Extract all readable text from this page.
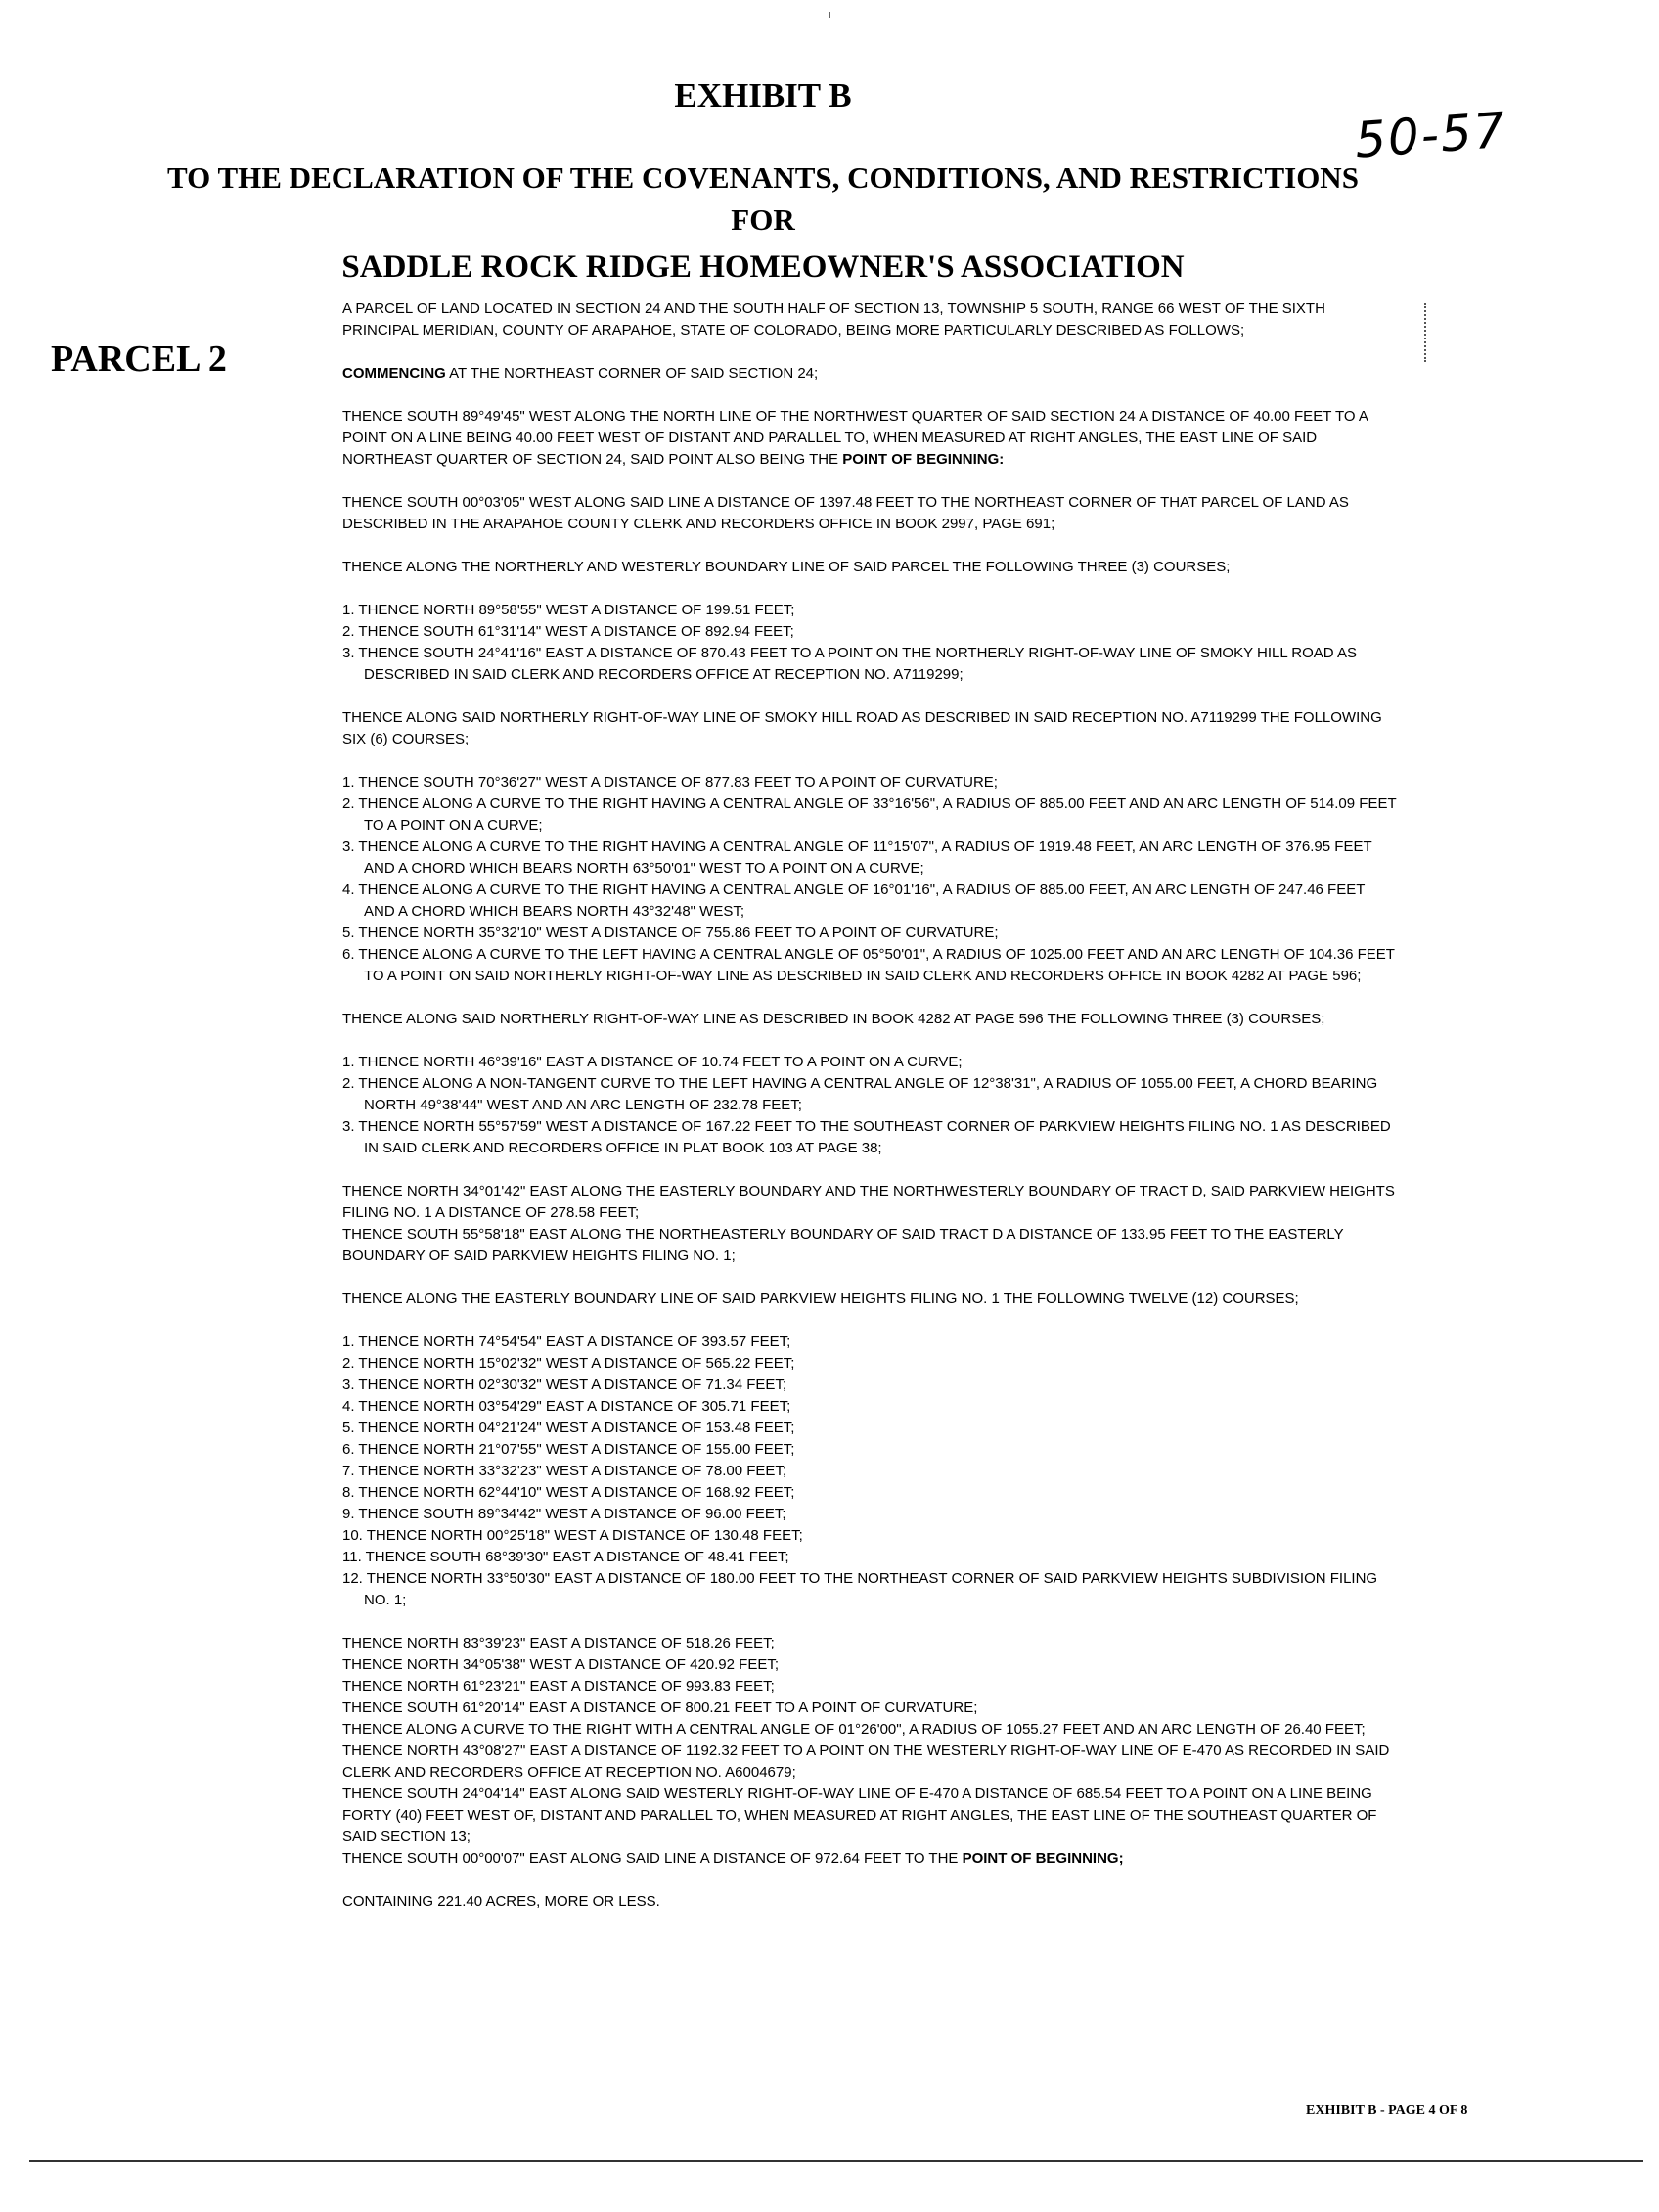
EXHIBIT B
50-57
TO THE DECLARATION OF THE COVENANTS, CONDITIONS, AND RESTRICTIONS
FOR
SADDLE ROCK RIDGE HOMEOWNER'S ASSOCIATION
PARCEL 2

A PARCEL OF LAND LOCATED IN SECTION 24 AND THE SOUTH HALF OF SECTION 13, TOWNSHIP 5 SOUTH, RANGE 66 WEST OF THE SIXTH PRINCIPAL MERIDIAN, COUNTY OF ARAPAHOE, STATE OF COLORADO, BEING MORE PARTICULARLY DESCRIBED AS FOLLOWS;

COMMENCING AT THE NORTHEAST CORNER OF SAID SECTION 24;

THENCE SOUTH 89°49'45" WEST ALONG THE NORTH LINE OF THE NORTHWEST QUARTER OF SAID SECTION 24 A DISTANCE OF 40.00 FEET TO A POINT ON A LINE BEING 40.00 FEET WEST OF DISTANT AND PARALLEL TO, WHEN MEASURED AT RIGHT ANGLES, THE EAST LINE OF SAID NORTHEAST QUARTER OF SECTION 24, SAID POINT ALSO BEING THE POINT OF BEGINNING:

THENCE SOUTH 00°03'05" WEST ALONG SAID LINE A DISTANCE OF 1397.48 FEET TO THE NORTHEAST CORNER OF THAT PARCEL OF LAND AS DESCRIBED IN THE ARAPAHOE COUNTY CLERK AND RECORDERS OFFICE IN BOOK 2997, PAGE 691;

THENCE ALONG THE NORTHERLY AND WESTERLY BOUNDARY LINE OF SAID PARCEL THE FOLLOWING THREE (3) COURSES;

1. THENCE NORTH 89°58'55" WEST A DISTANCE OF 199.51 FEET;
2. THENCE SOUTH 61°31'14" WEST A DISTANCE OF 892.94 FEET;
3. THENCE SOUTH 24°41'16" EAST A DISTANCE OF 870.43 FEET TO A POINT ON THE NORTHERLY RIGHT-OF-WAY LINE OF SMOKY HILL ROAD AS DESCRIBED IN SAID CLERK AND RECORDERS OFFICE AT RECEPTION NO. A7119299;

THENCE ALONG SAID NORTHERLY RIGHT-OF-WAY LINE OF SMOKY HILL ROAD AS DESCRIBED IN SAID RECEPTION NO. A7119299 THE FOLLOWING SIX (6) COURSES;

1. THENCE SOUTH 70°36'27" WEST A DISTANCE OF 877.83 FEET TO A POINT OF CURVATURE;
2. THENCE ALONG A CURVE TO THE RIGHT HAVING A CENTRAL ANGLE OF 33°16'56", A RADIUS OF 885.00 FEET AND AN ARC LENGTH OF 514.09 FEET TO A POINT ON A CURVE;
3. THENCE ALONG A CURVE TO THE RIGHT HAVING A CENTRAL ANGLE OF 11°15'07", A RADIUS OF 1919.48 FEET, AN ARC LENGTH OF 376.95 FEET AND A CHORD WHICH BEARS NORTH 63°50'01" WEST TO A POINT ON A CURVE;
4. THENCE ALONG A CURVE TO THE RIGHT HAVING A CENTRAL ANGLE OF 16°01'16", A RADIUS OF 885.00 FEET, AN ARC LENGTH OF 247.46 FEET AND A CHORD WHICH BEARS NORTH 43°32'48" WEST;
5. THENCE NORTH 35°32'10" WEST A DISTANCE OF 755.86 FEET TO A POINT OF CURVATURE;
6. THENCE ALONG A CURVE TO THE LEFT HAVING A CENTRAL ANGLE OF 05°50'01", A RADIUS OF 1025.00 FEET AND AN ARC LENGTH OF 104.36 FEET TO A POINT ON SAID NORTHERLY RIGHT-OF-WAY LINE AS DESCRIBED IN SAID CLERK AND RECORDERS OFFICE IN BOOK 4282 AT PAGE 596;

THENCE ALONG SAID NORTHERLY RIGHT-OF-WAY LINE AS DESCRIBED IN BOOK 4282 AT PAGE 596 THE FOLLOWING THREE (3) COURSES;

1. THENCE NORTH 46°39'16" EAST A DISTANCE OF 10.74 FEET TO A POINT ON A CURVE;
2. THENCE ALONG A NON-TANGENT CURVE TO THE LEFT HAVING A CENTRAL ANGLE OF 12°38'31", A RADIUS OF 1055.00 FEET, A CHORD BEARING NORTH 49°38'44" WEST AND AN ARC LENGTH OF 232.78 FEET;
3. THENCE NORTH 55°57'59" WEST A DISTANCE OF 167.22 FEET TO THE SOUTHEAST CORNER OF PARKVIEW HEIGHTS FILING NO. 1 AS DESCRIBED IN SAID CLERK AND RECORDERS OFFICE IN PLAT BOOK 103 AT PAGE 38;

THENCE NORTH 34°01'42" EAST ALONG THE EASTERLY BOUNDARY AND THE NORTHWESTERLY BOUNDARY OF TRACT D, SAID PARKVIEW HEIGHTS FILING NO. 1 A DISTANCE OF 278.58 FEET;

THENCE SOUTH 55°58'18" EAST ALONG THE NORTHEASTERLY BOUNDARY OF SAID TRACT D A DISTANCE OF 133.95 FEET TO THE EASTERLY BOUNDARY OF SAID PARKVIEW HEIGHTS FILING NO. 1;

THENCE ALONG THE EASTERLY BOUNDARY LINE OF SAID PARKVIEW HEIGHTS FILING NO. 1 THE FOLLOWING TWELVE (12) COURSES;

1. THENCE NORTH 74°54'54" EAST A DISTANCE OF 393.57 FEET;
2. THENCE NORTH 15°02'32" WEST A DISTANCE OF 565.22 FEET;
3. THENCE NORTH 02°30'32" WEST A DISTANCE OF 71.34 FEET;
4. THENCE NORTH 03°54'29" EAST A DISTANCE OF 305.71 FEET;
5. THENCE NORTH 04°21'24" WEST A DISTANCE OF 153.48 FEET;
6. THENCE NORTH 21°07'55" WEST A DISTANCE OF 155.00 FEET;
7. THENCE NORTH 33°32'23" WEST A DISTANCE OF 78.00 FEET;
8. THENCE NORTH 62°44'10" WEST A DISTANCE OF 168.92 FEET;
9. THENCE SOUTH 89°34'42" WEST A DISTANCE OF 96.00 FEET;
10. THENCE NORTH 00°25'18" WEST A DISTANCE OF 130.48 FEET;
11. THENCE SOUTH 68°39'30" EAST A DISTANCE OF 48.41 FEET;
12. THENCE NORTH 33°50'30" EAST A DISTANCE OF 180.00 FEET TO THE NORTHEAST CORNER OF SAID PARKVIEW HEIGHTS SUBDIVISION FILING NO. 1;
THENCE NORTH 83°39'23" EAST A DISTANCE OF 518.26 FEET;
THENCE NORTH 34°05'38" WEST A DISTANCE OF 420.92 FEET;
THENCE NORTH 61°23'21" EAST A DISTANCE OF 993.83 FEET;
THENCE SOUTH 61°20'14" EAST A DISTANCE OF 800.21 FEET TO A POINT OF CURVATURE;
THENCE ALONG A CURVE TO THE RIGHT WITH A CENTRAL ANGLE OF 01°26'00", A RADIUS OF 1055.27 FEET AND AN ARC LENGTH OF 26.40 FEET;
THENCE NORTH 43°08'27" EAST A DISTANCE OF 1192.32 FEET TO A POINT ON THE WESTERLY RIGHT-OF-WAY LINE OF E-470 AS RECORDED IN SAID CLERK AND RECORDERS OFFICE AT RECEPTION NO. A6004679;
THENCE SOUTH 24°04'14" EAST ALONG SAID WESTERLY RIGHT-OF-WAY LINE OF E-470 A DISTANCE OF 685.54 FEET TO A POINT ON A LINE BEING FORTY (40) FEET WEST OF, DISTANT AND PARALLEL TO, WHEN MEASURED AT RIGHT ANGLES, THE EAST LINE OF THE SOUTHEAST QUARTER OF SAID SECTION 13;
THENCE SOUTH 00°00'07" EAST ALONG SAID LINE A DISTANCE OF 972.64 FEET TO THE POINT OF BEGINNING;

CONTAINING 221.40 ACRES, MORE OR LESS.

EXHIBIT B - PAGE 4 OF 8
